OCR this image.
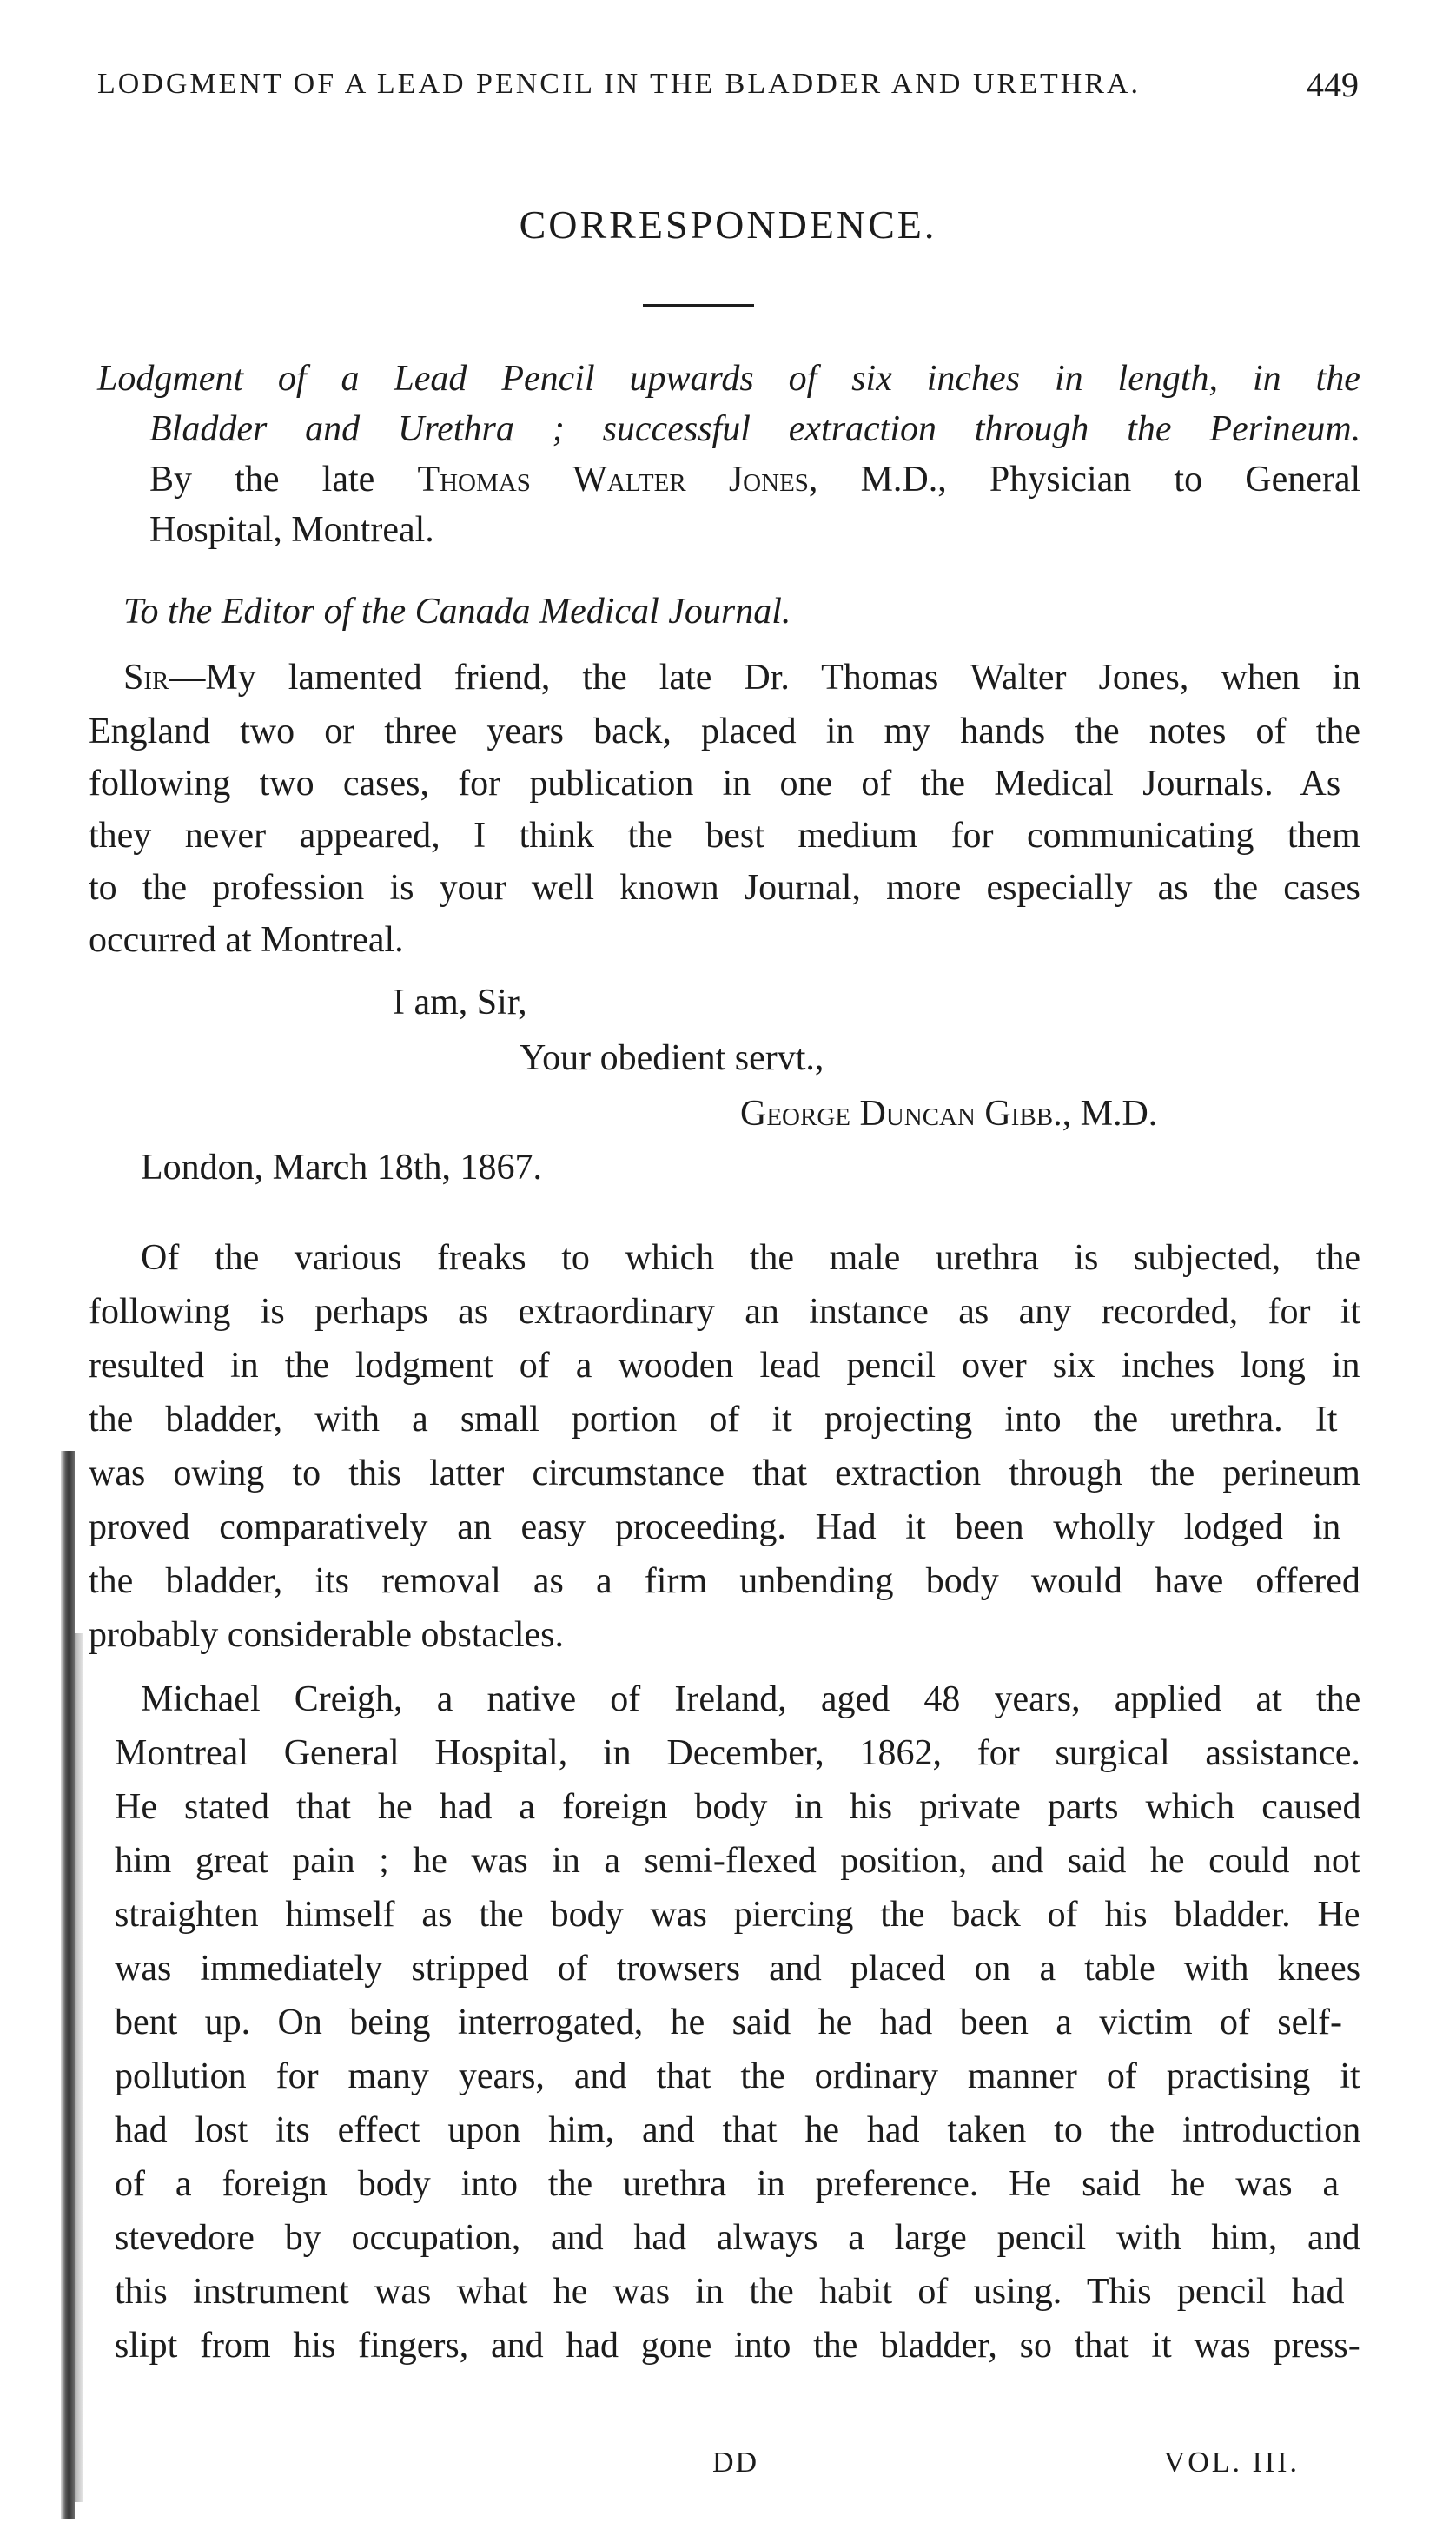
LODGMENT OF A LEAD PENCIL IN THE BLADDER AND URETHRA.	449
CORRESPONDENCE.
Lodgment of a Lead Pencil upwards of six inches in length, in the
Bladder and Urethra ; successful extraction through the Perineum.
By the late Thomas Walter Jones, M.D., Physician to General
Hospital, Montreal.
To the Editor of the Canada Medical Journal.
Sir—My lamented friend, the late Dr. Thomas Walter Jones, when in
England two or three years back, placed in my hands the notes of the
following two cases, for publication in one of the Medical Journals. As
they never appeared, I think the best medium for communicating them
to the profession is your well known Journal, more especially as the cases
occurred at Montreal.
I am, Sir,
Your obedient servt.,
George Duncan Gibb., M.D.
London, March 18th, 1867.
Of the various freaks to which the male urethra is subjected, the
following is perhaps as extraordinary an instance as any recorded, for it
resulted in the lodgment of a wooden lead pencil over six inches long in
the bladder, with a small portion of it projecting into the urethra. It
was owing to this latter circumstance that extraction through the perineum
proved comparatively an easy proceeding. Had it been wholly lodged in
the bladder, its removal as a firm unbending body would have offered
probably considerable obstacles.
Michael Creigh, a native of Ireland, aged 48 years, applied at the
Montreal General Hospital, in December, 1862, for surgical assistance.
He stated that he had a foreign body in his private parts which caused
him great pain ; he was in a semi-flexed position, and said he could not
straighten himself as the body was piercing the back of his bladder. He
was immediately stripped of trowsers and placed on a table with knees
bent up. On being interrogated, he said he had been a victim of self-
pollution for many years, and that the ordinary manner of practising it
had lost its effect upon him, and that he had taken to the introduction
of a foreign body into the urethra in preference. He said he was a
stevedore by occupation, and had always a large pencil with him, and
this instrument was what he was in the habit of using. This pencil had
slipt from his fingers, and had gone into the bladder, so that it was press-
DD	VOL. III.
